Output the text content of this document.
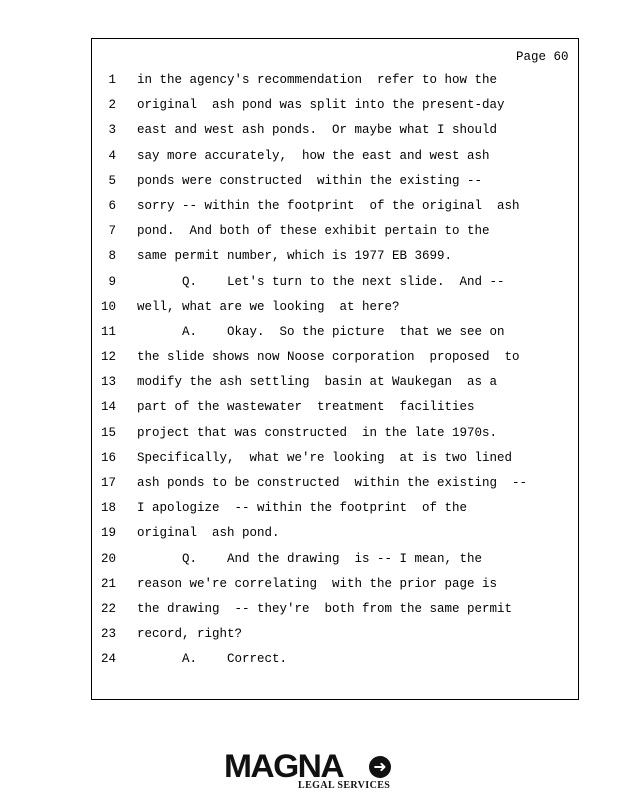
Page 60
1 in the agency's recommendation  refer to how the
2 original  ash pond was split into the present-day
3 east and west ash ponds.  Or maybe what I should
4 say more accurately,  how the east and west ash
5 ponds were constructed  within the existing --
6 sorry -- within the footprint  of the original  ash
7 pond.  And both of these exhibit pertain to the
8 same permit number, which is 1977 EB 3699.
9 Q.    Let's turn to the next slide.  And --
10 well, what are we looking  at here?
11 A.    Okay.  So the picture  that we see on
12 the slide shows now Noose corporation  proposed  to
13 modify the ash settling  basin at Waukegan  as a
14 part of the wastewater  treatment  facilities
15 project that was constructed  in the late 1970s.
16 Specifically,  what we're looking  at is two lined
17 ash ponds to be constructed  within the existing  --
18 I apologize  -- within the footprint  of the
19 original  ash pond.
20 Q.    And the drawing  is -- I mean, the
21 reason we're correlating  with the prior page is
22 the drawing  -- they're  both from the same permit
23 record, right?
24 A.    Correct.
MAGNA ➜
LEGAL SERVICES
